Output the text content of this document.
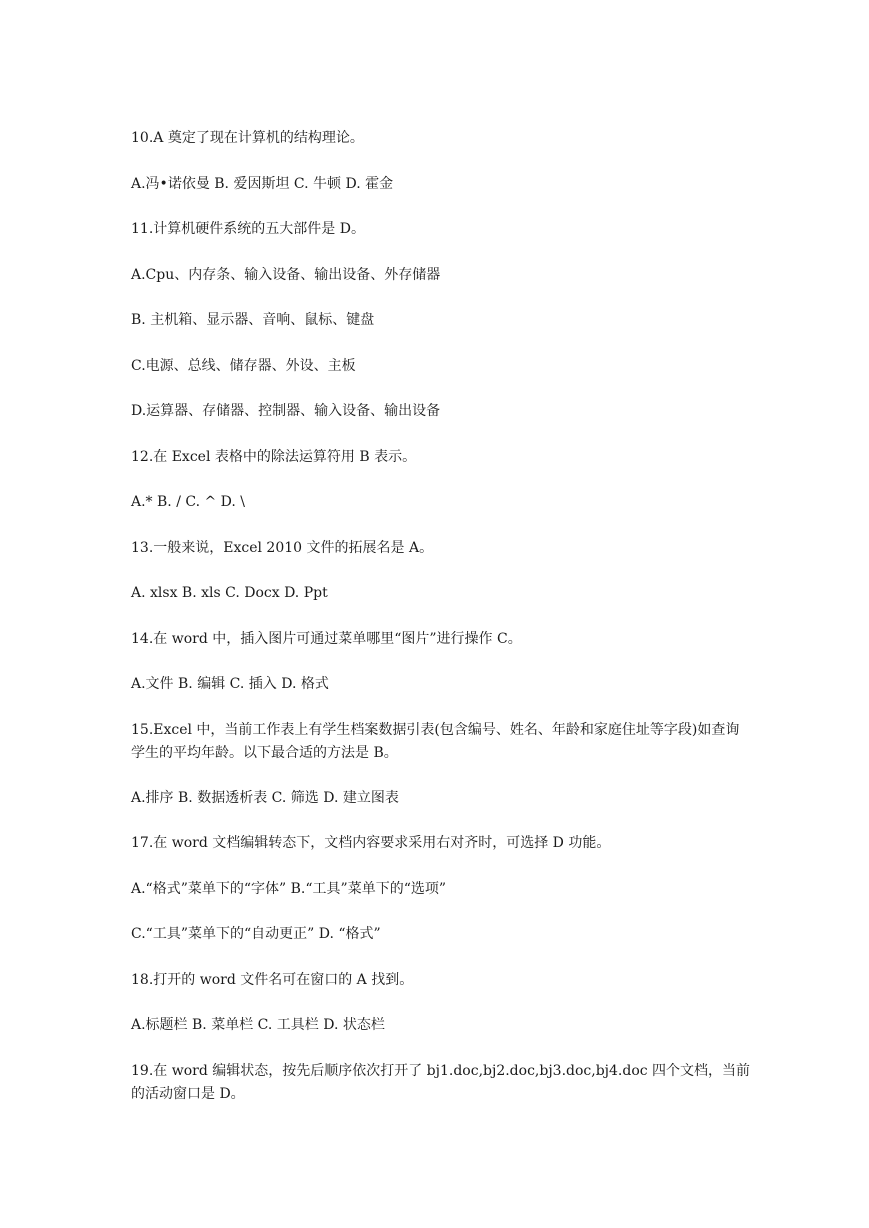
10.A 奠定了现在计算机的结构理论。
A.冯•诺依曼 B. 爱因斯坦 C. 牛顿 D. 霍金
11.计算机硬件系统的五大部件是 D。
A.Cpu、内存条、输入设备、输出设备、外存储器
B. 主机箱、显示器、音响、鼠标、键盘
C.电源、总线、储存器、外设、主板
D.运算器、存储器、控制器、输入设备、输出设备
12.在 Excel 表格中的除法运算符用 B 表示。
A.* B. / C. ^ D. \
13.一般来说，Excel 2010 文件的拓展名是 A。
A. xlsx B. xls C. Docx D. Ppt
14.在 word 中，插入图片可通过菜单哪里“图片”进行操作 C。
A.文件 B. 编辑 C. 插入 D. 格式
15.Excel 中，当前工作表上有学生档案数据引表(包含编号、姓名、年龄和家庭住址等字段)如查询学生的平均年龄。以下最合适的方法是 B。
A.排序 B. 数据透析表 C. 筛选 D. 建立图表
17.在 word 文档编辑转态下，文档内容要求采用右对齐时，可选择 D 功能。
A.“格式”菜单下的“字体” B.“工具”菜单下的“选项”
C.“工具”菜单下的“自动更正” D. “格式”
18.打开的 word 文件名可在窗口的 A 找到。
A.标题栏 B. 菜单栏 C. 工具栏 D. 状态栏
19.在 word 编辑状态，按先后顺序依次打开了 bj1.doc,bj2.doc,bj3.doc,bj4.doc 四个文档，当前的活动窗口是 D。
